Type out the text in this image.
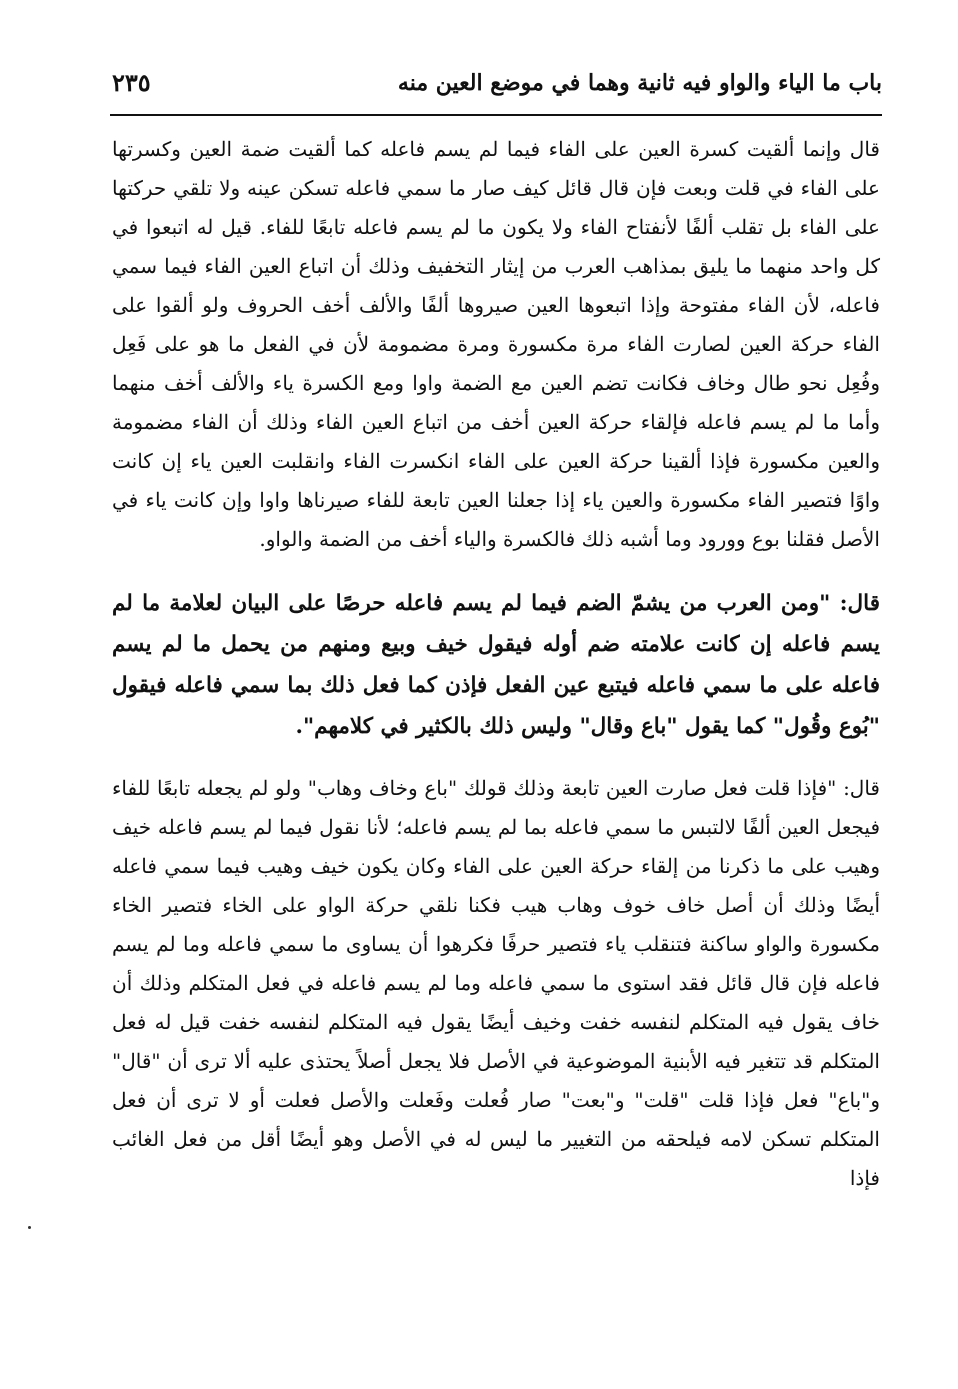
باب ما الياء والواو فيه ثانية وهما في موضع العين منه
٢٣٥

قال وإنما ألقيت كسرة العين على الفاء فيما لم يسم فاعله كما ألقيت ضمة العين وكسرتها على الفاء في قلت وبعت فإن قال قائل كيف صار ما سمي فاعله تسكن عينه ولا تلقي حركتها على الفاء بل تقلب ألفًا لأنفتاح الفاء ولا يكون ما لم يسم فاعله تابعًا للفاء. قيل له اتبعوا في كل واحد منهما ما يليق بمذاهب العرب من إيثار التخفيف وذلك أن اتباع العين الفاء فيما سمي فاعله، لأن الفاء مفتوحة وإذا اتبعوها العين صيروها ألفًا والألف أخف الحروف ولو ألقوا على الفاء حركة العين لصارت الفاء مرة مكسورة ومرة مضمومة لأن في الفعل ما هو على فَعِل وفُعِل نحو طال وخاف فكانت تضم العين مع الضمة واوا ومع الكسرة ياء والألف أخف منهما وأما ما لم يسم فاعله فإلقاء حركة العين أخف من اتباع العين الفاء وذلك أن الفاء مضمومة والعين مكسورة فإذا ألقينا حركة العين على الفاء انكسرت الفاء وانقلبت العين ياء إن كانت واوًا فتصير الفاء مكسورة والعين ياء إذا جعلنا العين تابعة للفاء صيرناها واوا وإن كانت ياء في الأصل فقلنا بوع وورود وما أشبه ذلك فالكسرة والياء أخف من الضمة والواو.

قال: "ومن العرب من يشمّ الضم فيما لم يسم فاعله حرصًا على البيان لعلامة ما لم يسم فاعله إن كانت علامته ضم أوله فيقول خيف وبيع ومنهم من يحمل ما لم يسم فاعله على ما سمي فاعله فيتبع عين الفعل فإذن كما فعل ذلك بما سمي فاعله فيقول "بُوع وقُول" كما يقول "باع وقال" وليس ذلك بالكثير في كلامهم".

قال: "فإذا قلت فعل صارت العين تابعة وذلك قولك "باع وخاف وهاب" ولو لم يجعله تابعًا للفاء فيجعل العين ألفًا لالتبس ما سمي فاعله بما لم يسم فاعله؛ لأنا نقول فيما لم يسم فاعله خيف وهيب على ما ذكرنا من إلقاء حركة العين على الفاء وكان يكون خيف وهيب فيما سمي فاعله أيضًا وذلك أن أصل خاف خوف وهاب هيب فكنا نلقي حركة الواو على الخاء فتصير الخاء مكسورة والواو ساكنة فتنقلب ياء فتصير حرفًا فكرهوا أن يساوى ما سمي فاعله وما لم يسم فاعله فإن قال قائل فقد استوى ما سمي فاعله وما لم يسم فاعله في فعل المتكلم وذلك أن خاف يقول فيه المتكلم لنفسه خفت وخيف أيضًا يقول فيه المتكلم لنفسه خفت قيل له فعل المتكلم قد تتغير فيه الأبنية الموضوعية في الأصل فلا يجعل أصلاً يحتذى عليه ألا ترى أن "قال" و"باع" فعل فإذا قلت "قلت" و"بعت" صار فُعلت وفَعلت والأصل فعلت أو لا ترى أن فعل المتكلم تسكن لامه فيلحقه من التغيير ما ليس له في الأصل وهو أيضًا أقل من فعل الغائب فإذا
